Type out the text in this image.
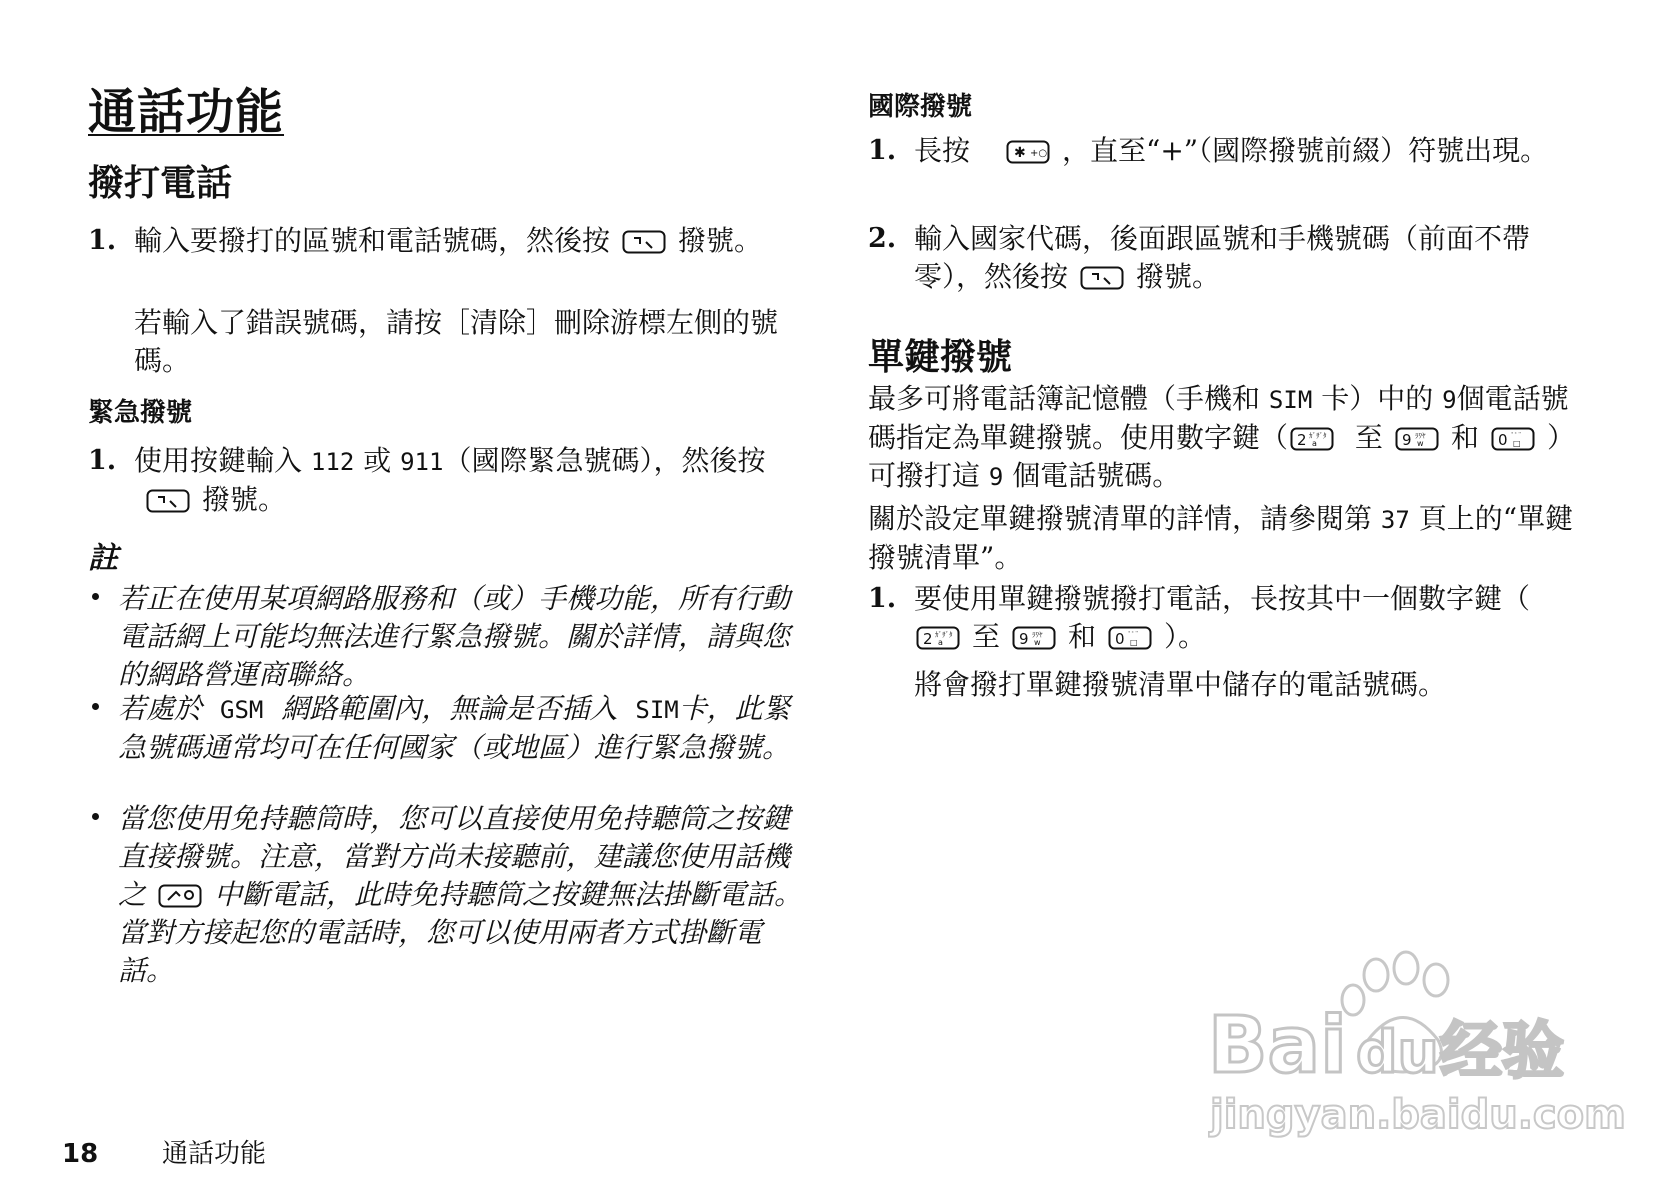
通話功能
撥打電話
1. 輸入要撥打的區號和電話號碼，然後按 撥號。
若輸入了錯誤號碼，請按［清除］刪除游標左側的號碼。
緊急撥號
1. 使用按鍵輸入 112 或 911（國際緊急號碼），然後按
撥號。
註
若正在使用某項網路服務和（或）手機功能，所有行動電話網上可能均無法進行緊急撥號。關於詳情，請與您的網路營運商聯絡。
若處於 GSM 網路範圍內，無論是否插入 SIM卡，此緊急號碼通常均可在任何國家（或地區）進行緊急撥號。
當您使用免持聽筒時，您可以直接使用免持聽筒之按鍵直接撥號。注意，當對方尚未接聽前，建議您使用話機之 中斷電話，此時免持聽筒之按鍵無法掛斷電話。當對方接起您的電話時，您可以使用兩者方式掛斷電話。
國際撥號
1. 長按	✱ +○ ，直至“+”（國際撥號前綴）符號出現。
2. 輸入國家代碼，後面跟區號和手機號碼（前面不帶零），然後按 撥號。
單鍵撥號
最多可將電話簿記憶體（手機和 SIM 卡）中的 9個電話號碼指定為單鍵撥號。使用數字鍵（ 2 ｶﾞｻﾞﾀ
a 至 9 ﾗﾜﾔ
w 和 0 ﾞﾟ¨
□ ）可撥打這 9 個電話號碼。
關於設定單鍵撥號清單的詳情，請參閱第 37 頁上的“單鍵撥號清單”。
1. 要使用單鍵撥號撥打電話，長按其中一個數字鍵（
2 ｶﾞｻﾞﾀ
a 至 9 ﾗﾜﾔ
w 和 0 ﾞﾟ¨
□ ）。
將會撥打單鍵撥號清單中儲存的電話號碼。
18 通話功能
Bai du 经验
jingyan.baidu.com
